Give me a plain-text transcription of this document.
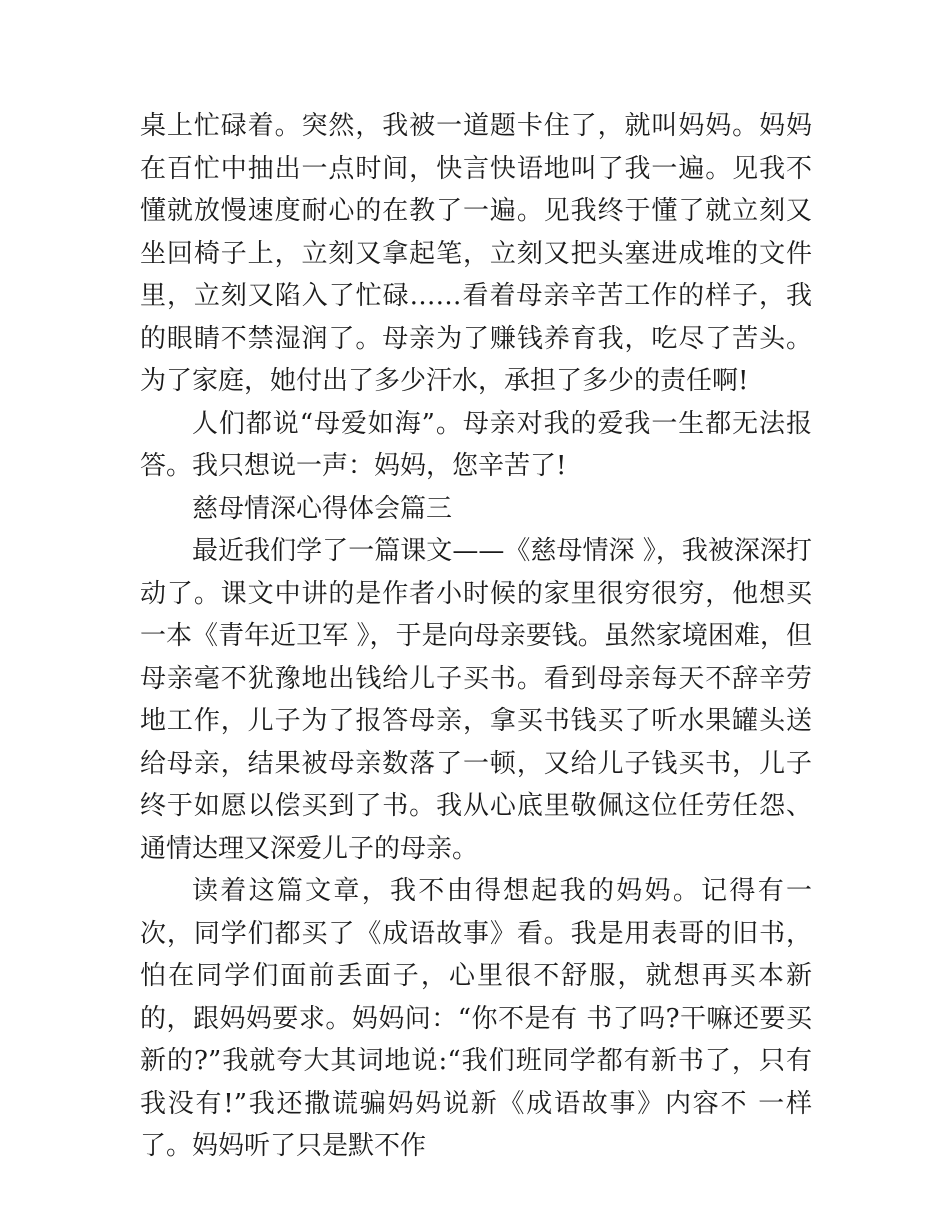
桌上忙碌着。突然，我被一道题卡住了，就叫妈妈。妈妈在百忙中抽出一点时间，快言快语地叫了我一遍。见我不懂就放慢速度耐心的在教了一遍。见我终于懂了就立刻又坐回椅子上，立刻又拿起笔，立刻又把头塞进成堆的文件里，立刻又陷入了忙碌……看着母亲辛苦工作的样子，我的眼睛不禁湿润了。母亲为了赚钱养育我，吃尽了苦头。为了家庭，她付出了多少汗水，承担了多少的责任啊!

人们都说“母爱如海”。母亲对我的爱我一生都无法报答。我只想说一声：妈妈，您辛苦了!

慈母情深心得体会篇三

最近我们学了一篇课文——《慈母情深 》，我被深深打动了。课文中讲的是作者小时候的家里很穷很穷，他想买一本《青年近卫军 》，于是向母亲要钱。虽然家境困难，但母亲毫不犹豫地出钱给儿子买书。看到母亲每天不辞辛劳地工作，儿子为了报答母亲，拿买书钱买了听水果罐头送给母亲，结果被母亲数落了一顿，又给儿子钱买书，儿子终于如愿以偿买到了书。我从心底里敬佩这位任劳任怨、通情达理又深爱儿子的母亲。

读着这篇文章，我不由得想起我的妈妈。记得有一次，同学们都买了《成语故事》看。我是用表哥的旧书，怕在同学们面前丢面子，心里很不舒服，就想再买本新的，跟妈妈要求。妈妈问：“你不是有 书了吗?干嘛还要买新的?”我就夸大其词地说:“我们班同学都有新书了，只有我没有!”我还撒谎骗妈妈说新《成语故事》内容不 一样了。妈妈听了只是默不作
